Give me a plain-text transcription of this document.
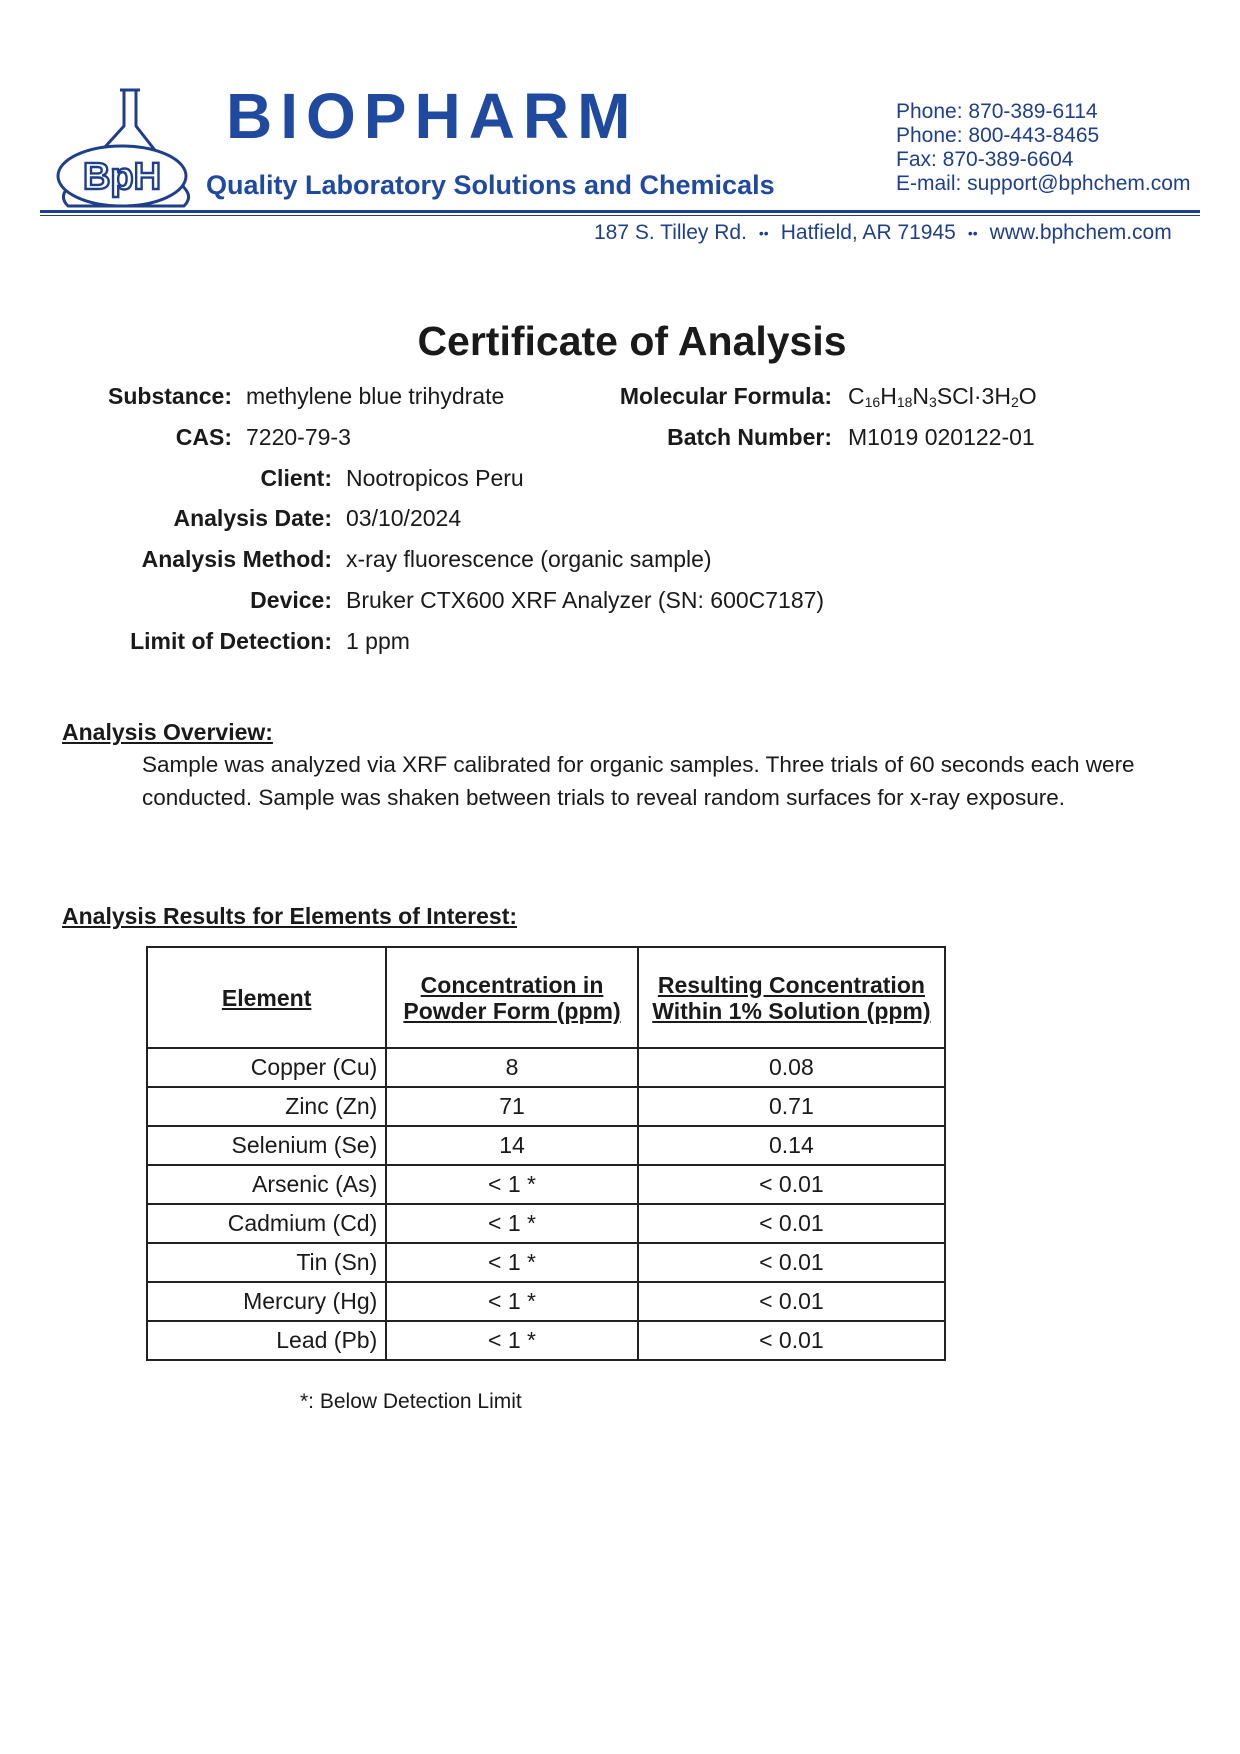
BpH
BIOPHARM
Quality Laboratory Solutions and Chemicals
Phone: 870-389-6114
Phone: 800-443-8465
Fax: 870-389-6604
E-mail: support@bphchem.com
187 S. Tilley Rd. •• Hatfield, AR 71945 •• www.bphchem.com
Certificate of Analysis
Substance: methylene blue trihydrate	Molecular Formula: $C_{16}H_{18}N_3SCl\cdot 3H_2O$
CAS: 7220-79-3	Batch Number: M1019 020122-01
Client: Nootropicos Peru
Analysis Date: 03/10/2024
Analysis Method: x-ray fluorescence (organic sample)
Device: Bruker CTX600 XRF Analyzer (SN: 600C7187)
Limit of Detection: 1 ppm
Analysis Overview:
Sample was analyzed via XRF calibrated for organic samples. Three trials of 60 seconds each were conducted. Sample was shaken between trials to reveal random surfaces for x-ray exposure.
Analysis Results for Elements of Interest:
Element	Concentration in Powder Form (ppm)	Resulting Concentration Within 1% Solution (ppm)
Copper (Cu)	8	0.08
Zinc (Zn)	71	0.71
Selenium (Se)	14	0.14
Arsenic (As)	< 1 *	< 0.01
Cadmium (Cd)	< 1 *	< 0.01
Tin (Sn)	< 1 *	< 0.01
Mercury (Hg)	< 1 *	< 0.01
Lead (Pb)	< 1 *	< 0.01
*: Below Detection Limit
